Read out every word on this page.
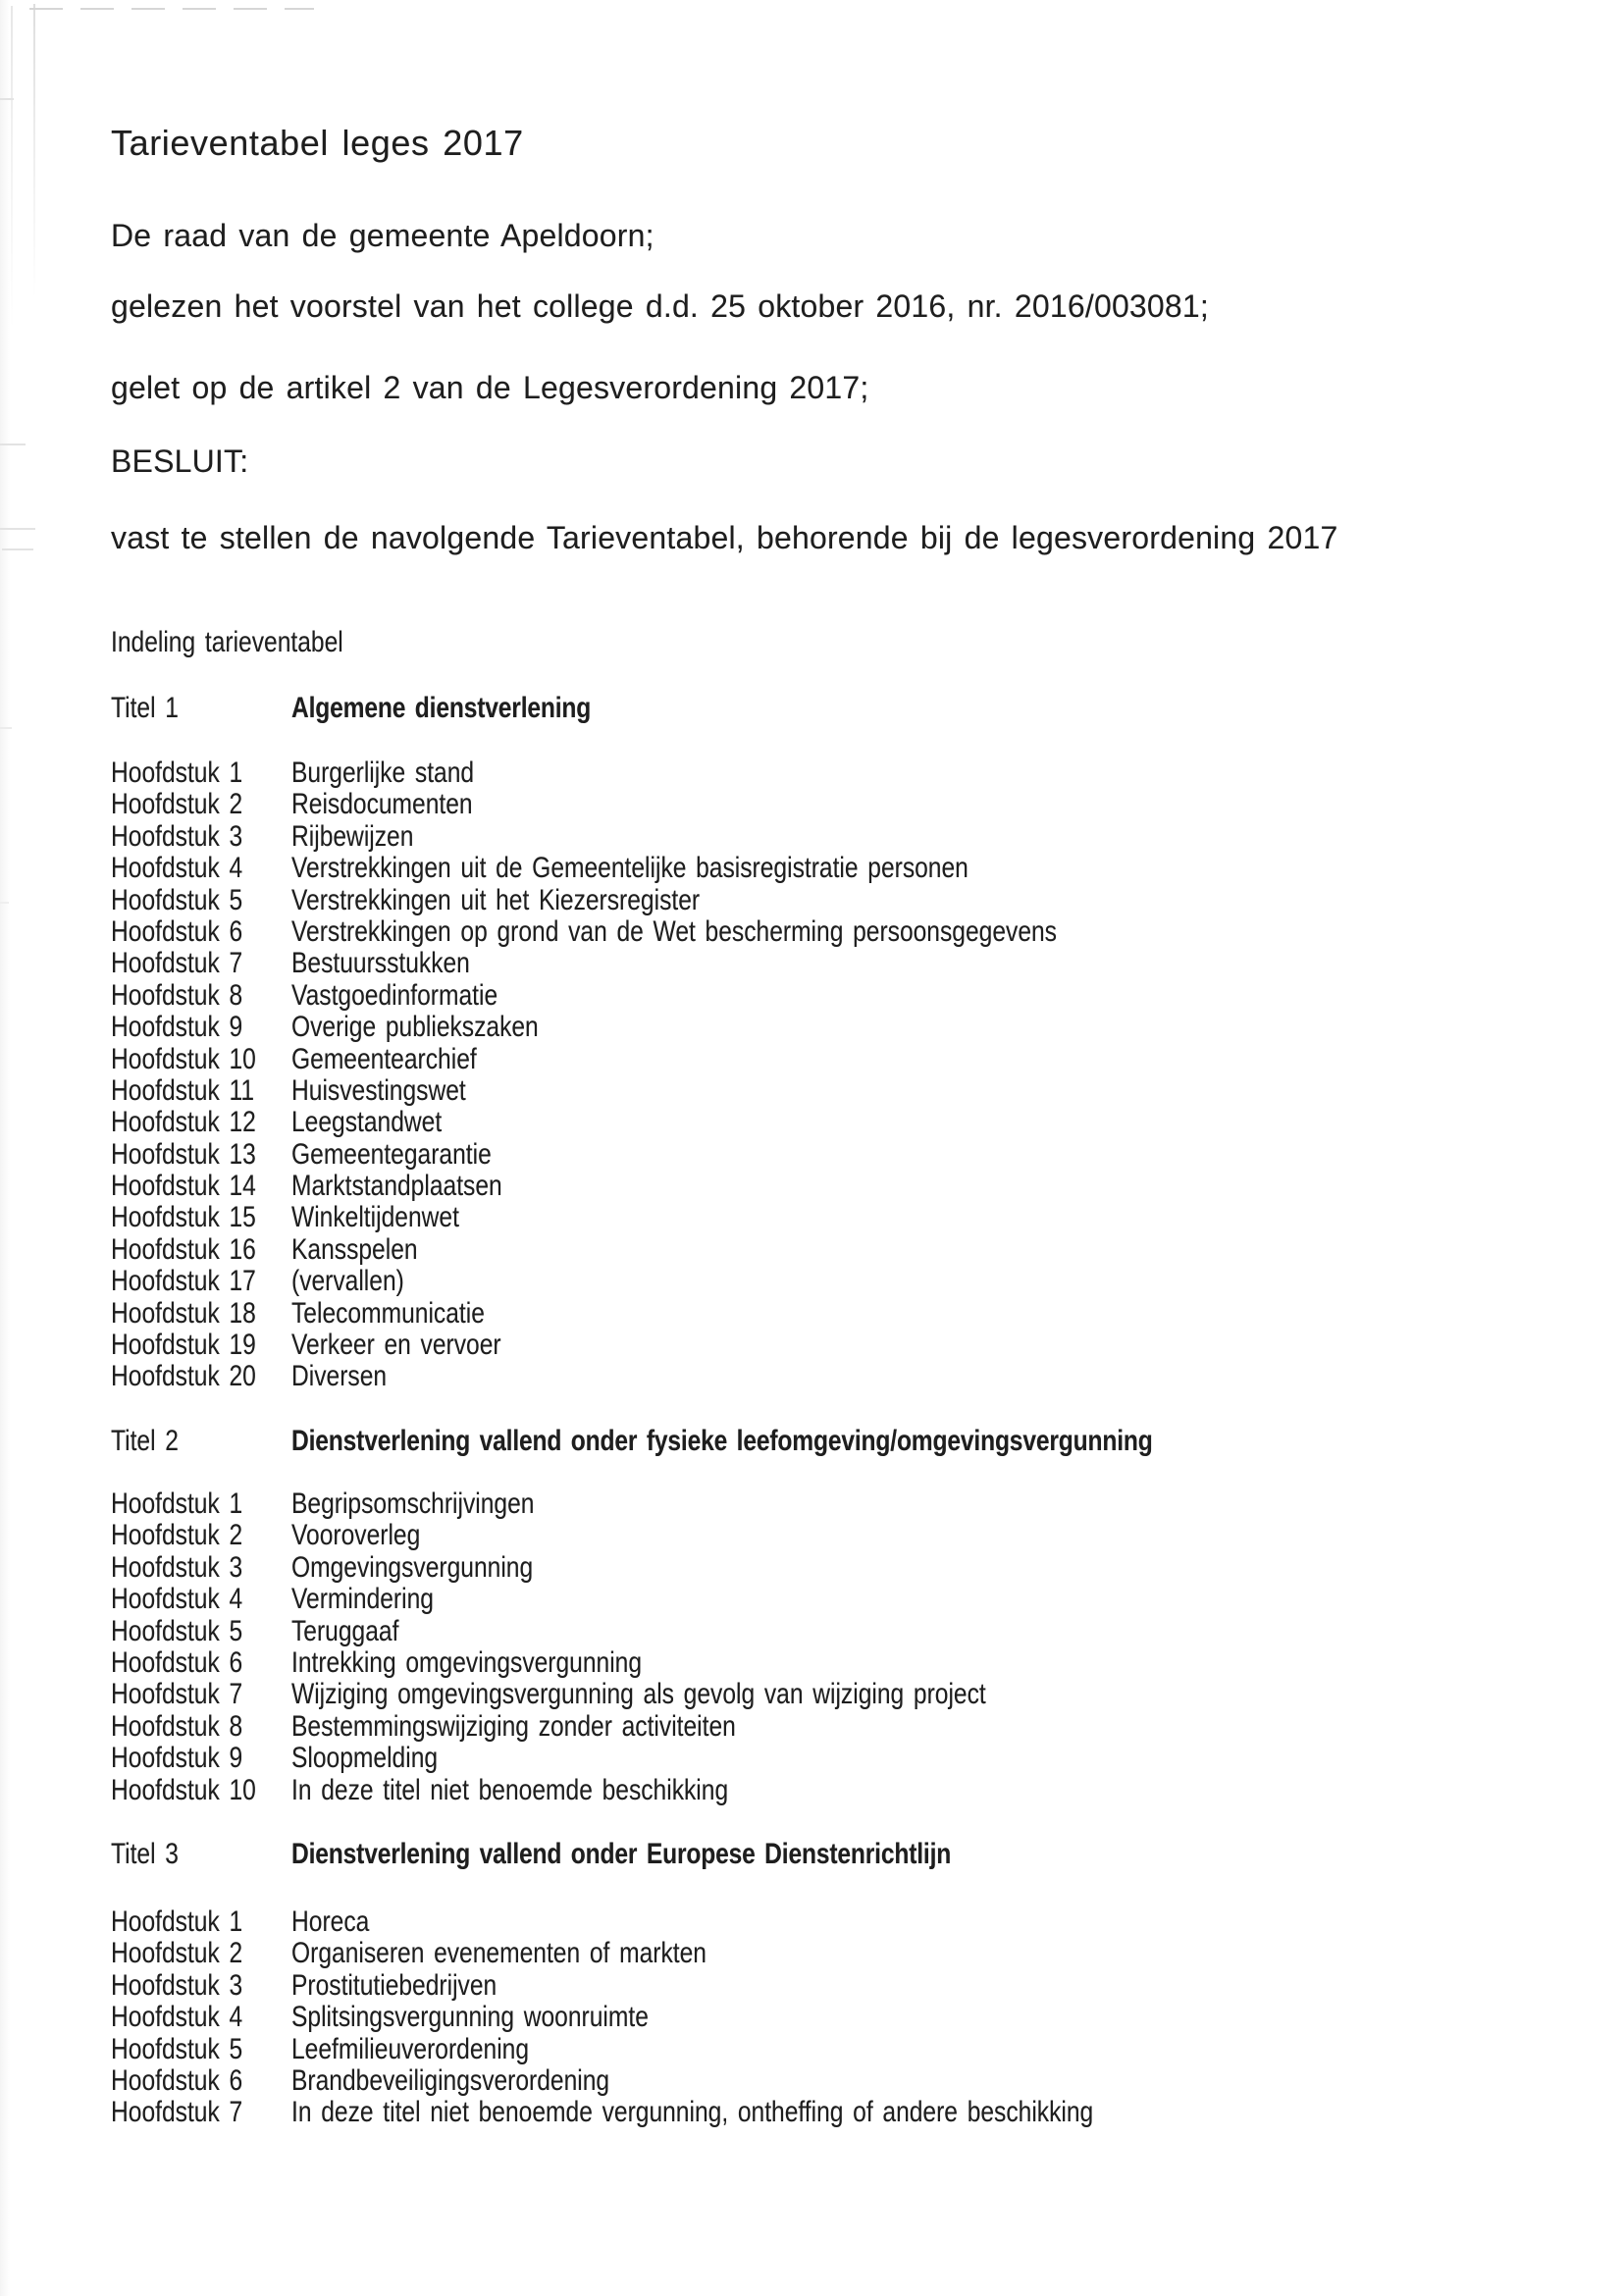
Tarieventabel leges 2017

De raad van de gemeente Apeldoorn;

gelezen het voorstel van het college d.d. 25 oktober 2016, nr. 2016/003081;

gelet op de artikel 2 van de Legesverordening 2017;

BESLUIT:

vast te stellen de navolgende Tarieventabel, behorende bij de legesverordening 2017

Indeling tarieventabel
Titel 1	Algemene dienstverlening
Hoofdstuk 1	Burgerlijke stand
Hoofdstuk 2	Reisdocumenten
Hoofdstuk 3	Rijbewijzen
Hoofdstuk 4	Verstrekkingen uit de Gemeentelijke basisregistratie personen
Hoofdstuk 5	Verstrekkingen uit het Kiezersregister
Hoofdstuk 6	Verstrekkingen op grond van de Wet bescherming persoonsgegevens
Hoofdstuk 7	Bestuursstukken
Hoofdstuk 8	Vastgoedinformatie
Hoofdstuk 9	Overige publiekszaken
Hoofdstuk 10	Gemeentearchief
Hoofdstuk 11	Huisvestingswet
Hoofdstuk 12	Leegstandwet
Hoofdstuk 13	Gemeentegarantie
Hoofdstuk 14	Marktstandplaatsen
Hoofdstuk 15	Winkeltijdenwet
Hoofdstuk 16	Kansspelen
Hoofdstuk 17	(vervallen)
Hoofdstuk 18	Telecommunicatie
Hoofdstuk 19	Verkeer en vervoer
Hoofdstuk 20	Diversen
Titel 2	Dienstverlening vallend onder fysieke leefomgeving/omgevingsvergunning
Hoofdstuk 1	Begripsomschrijvingen
Hoofdstuk 2	Vooroverleg
Hoofdstuk 3	Omgevingsvergunning
Hoofdstuk 4	Vermindering
Hoofdstuk 5	Teruggaaf
Hoofdstuk 6	Intrekking omgevingsvergunning
Hoofdstuk 7	Wijziging omgevingsvergunning als gevolg van wijziging project
Hoofdstuk 8	Bestemmingswijziging zonder activiteiten
Hoofdstuk 9	Sloopmelding
Hoofdstuk 10	In deze titel niet benoemde beschikking
Titel 3	Dienstverlening vallend onder Europese Dienstenrichtlijn
Hoofdstuk 1	Horeca
Hoofdstuk 2	Organiseren evenementen of markten
Hoofdstuk 3	Prostitutiebedrijven
Hoofdstuk 4	Splitsingsvergunning woonruimte
Hoofdstuk 5	Leefmilieuverordening
Hoofdstuk 6	Brandbeveiligingsverordening
Hoofdstuk 7	In deze titel niet benoemde vergunning, ontheffing of andere beschikking
